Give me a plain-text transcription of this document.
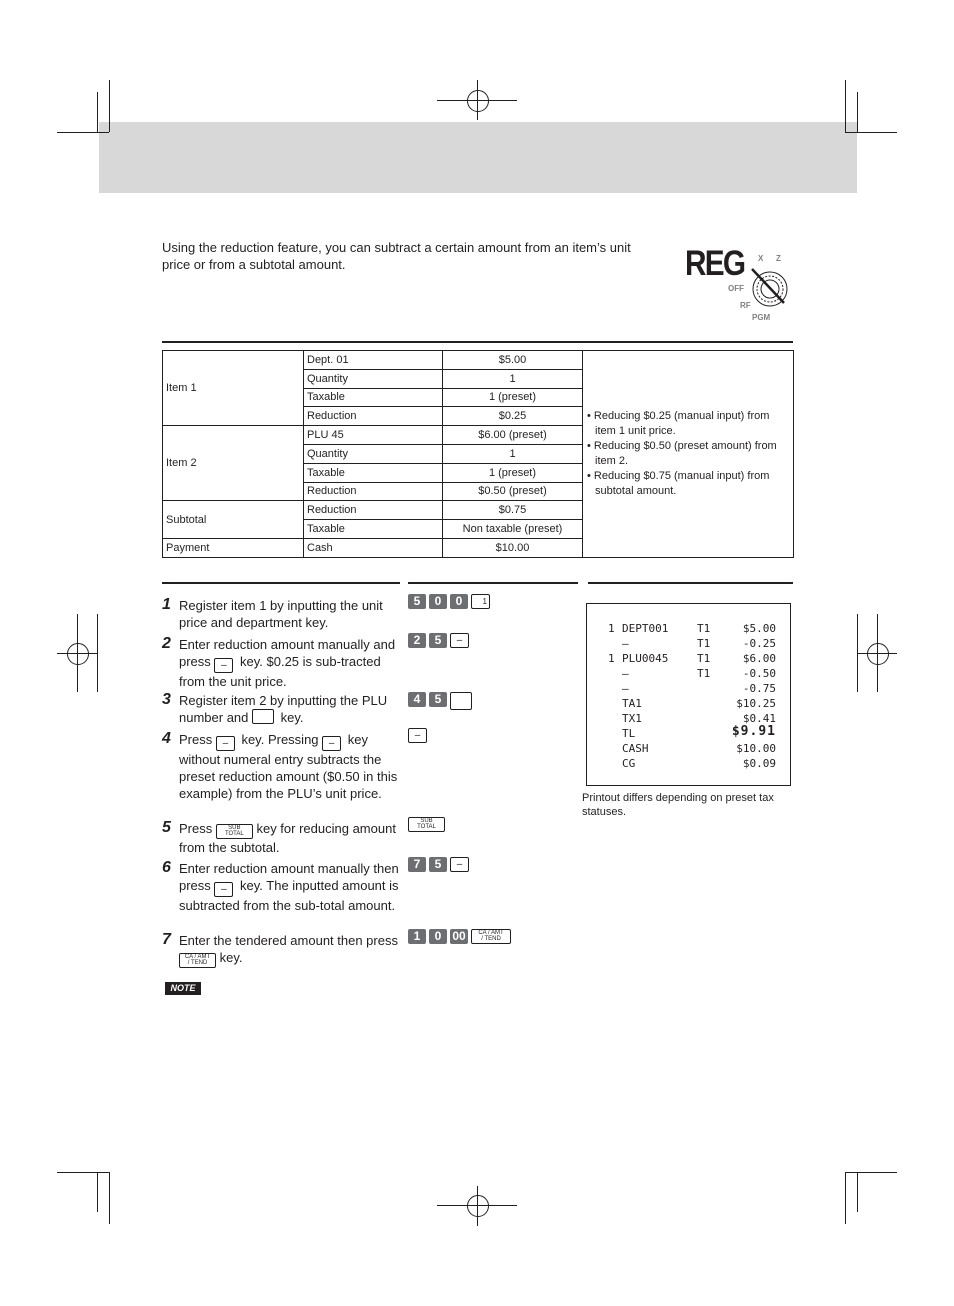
Using the reduction feature, you can subtract a certain amount from an item’s unit price or from a subtotal amount.	REG X Z
OFF
RF
PGM
Item 1	Dept. 01	$5.00	• Reducing $0.25 (manual input) from item 1 unit price.
• Reducing $0.50 (preset amount) from item 2.
• Reducing $0.75 (manual input) from subtotal amount.

	Quantity	1	
	Taxable	1 (preset)	
	Reduction	$0.25	
Item 2	PLU 45	$6.00 (preset)	
	Quantity	1	
	Taxable	1 (preset)	
	Reduction	$0.50 (preset)	
Subtotal	Reduction	$0.75	
	Taxable	Non taxable (preset)	
Payment	Cash	$10.00	
1 Register item 1 by inputting the unit price and department key.
2 Enter reduction amount manually and press – key. $0.25 is sub-tracted from the unit price.
3 Register item 2 by inputting the PLU number and  key.
4 Press – key. Pressing – key without numeral entry subtracts the preset reduction amount ($0.50 in this example) from the PLU’s unit price.
5 Press	SUB
TOTAL key for reducing amount from the subtotal.
6 Enter reduction amount manually then press – key. The inputted amount is subtracted from the sub-total amount.
7 Enter the tendered amount then press
CA / AMT
/ TEND key.
5 0 0	1
2 5 –
4 5
–
SUB
TOTAL
7 5 –
1 0 00	CA / AMT
/ TEND
1 DEPT001	T1	$5.00
–	T1	-0.25
1 PLU0045	T1	$6.00
–	T1	-0.50
–	-0.75
TA1	$10.25
TX1	$0.41
TL	$9.91
CASH	$10.00
CG	$0.09
Printout differs depending on preset tax statuses.
NOTE
